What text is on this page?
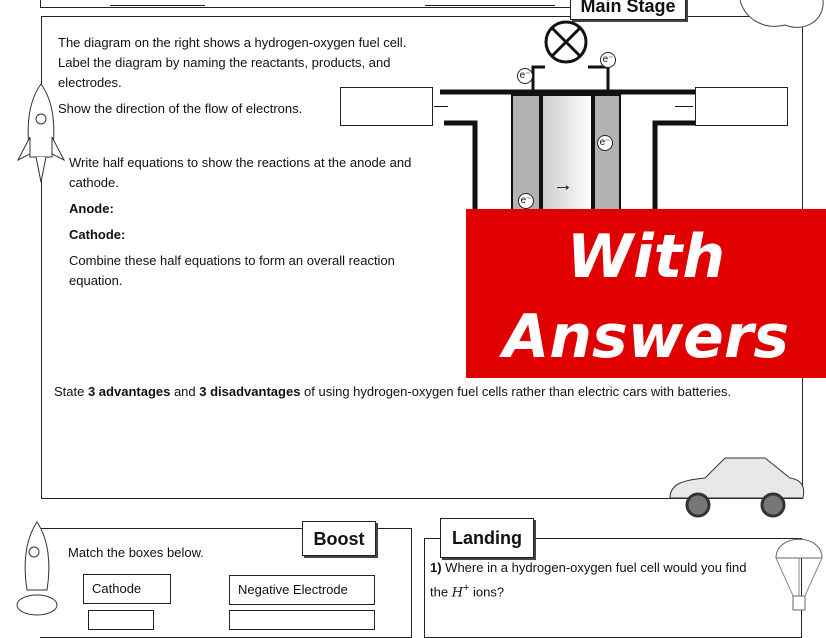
Main Stage
The diagram on the right shows a hydrogen-oxygen fuel cell.
Label the diagram by naming the reactants, products, and
electrodes.
Show the direction of the flow of electrons.
Write half equations to show the reactions at the anode and
cathode.
Anode:
Cathode:
Combine these half equations to form an overall reaction
equation.
State 3 advantages and 3 disadvantages of using hydrogen-oxygen fuel cells rather than electric cars with batteries.
e⁻
e⁻
e⁻
e⁻
→
With
Answers
Boost
Match the boxes below.
Cathode	Negative Electrode
Landing
1) Where in a hydrogen-oxygen fuel cell would you find
the H+ ions?
